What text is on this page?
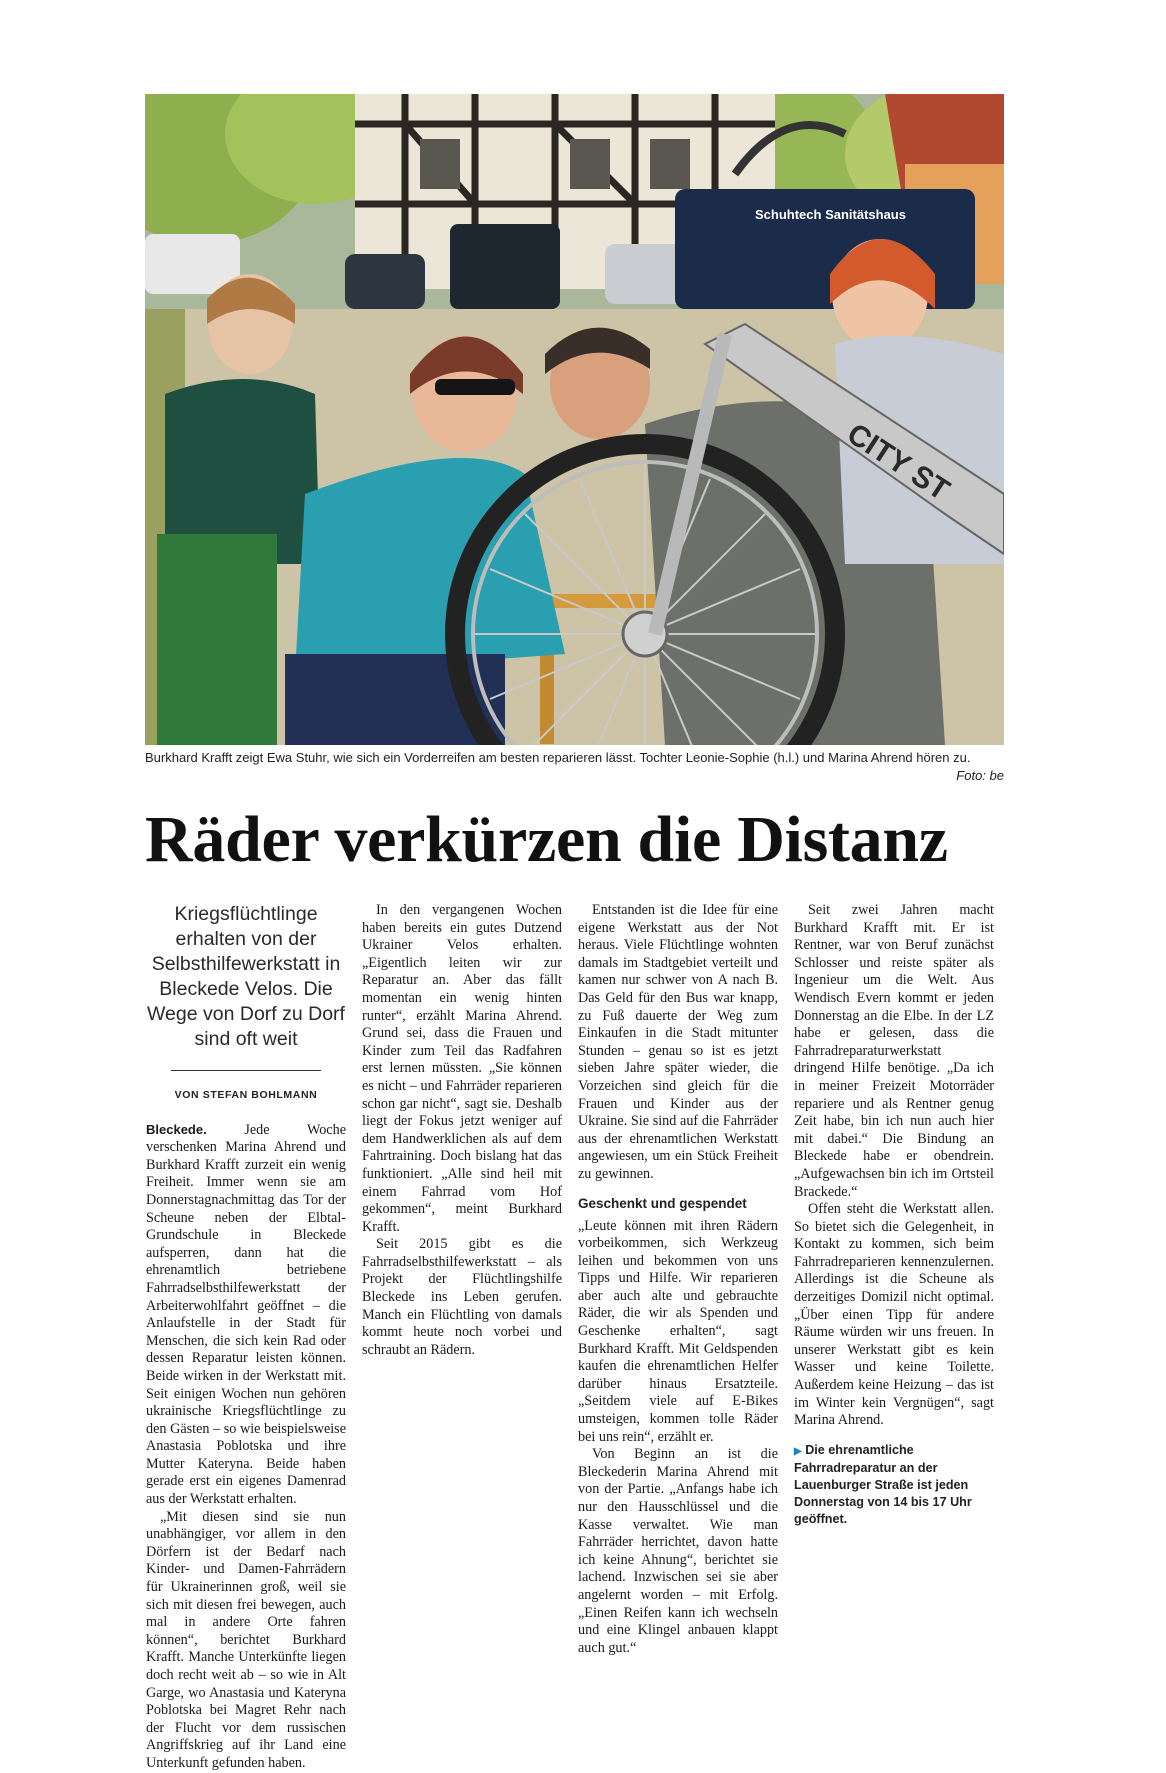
Schuhtech Sanitätshaus
CITY ST
Burkhard Krafft zeigt Ewa Stuhr, wie sich ein Vorderreifen am besten reparieren lässt. Tochter Leonie-Sophie (h.l.) und Marina Ahrend hören zu.
Foto: be
Räder verkürzen die Distanz
Kriegsflüchtlinge erhalten von der Selbsthilfewerkstatt in Bleckede Velos. Die Wege von Dorf zu Dorf sind oft weit
VON STEFAN BOHLMANN

Bleckede.	Jede Woche verschenken Marina Ahrend und Burkhard Krafft zurzeit ein wenig Freiheit. Immer wenn sie am Donnerstagnachmittag das Tor der Scheune neben der Elbtal-Grundschule in Bleckede aufsperren, dann hat die ehrenamtlich betriebene Fahrradselbsthilfewerkstatt der Arbeiterwohlfahrt geöffnet – die Anlaufstelle in der Stadt für Menschen, die sich kein Rad oder dessen Reparatur leisten können. Beide wirken in der Werkstatt mit. Seit einigen Wochen nun gehören ukrainische Kriegsflüchtlinge zu den Gästen – so wie beispielsweise Anastasia Poblotska und ihre Mutter Kateryna. Beide haben gerade erst ein eigenes Damenrad aus der Werkstatt erhalten.

„Mit diesen sind sie nun unabhängiger, vor allem in den Dörfern ist der Bedarf nach Kinder- und Damen-Fahrrädern für Ukrainerinnen groß, weil sie sich mit diesen frei bewegen, auch mal in andere Orte fahren können“, berichtet Burkhard Krafft. Manche Unterkünfte liegen doch recht weit ab – so wie in Alt Garge, wo Anastasia und Kateryna Poblotska bei Magret Rehr nach der Flucht vor dem russischen Angriffskrieg auf ihr Land eine Unterkunft gefunden haben.

In den vergangenen Wochen haben bereits ein gutes Dutzend Ukrainer Velos erhalten. „Eigentlich leiten wir zur Reparatur an. Aber das fällt momentan ein wenig hinten runter“, erzählt Marina Ahrend. Grund sei, dass die Frauen und Kinder zum Teil das Radfahren erst lernen müssten. „Sie können es nicht – und Fahrräder reparieren schon gar nicht“, sagt sie. Deshalb liegt der Fokus jetzt weniger auf dem Handwerklichen als auf dem Fahrtraining. Doch bislang hat das funktioniert. „Alle sind heil mit einem Fahrrad vom Hof gekommen“, meint Burkhard Krafft.

Seit 2015 gibt es die Fahrradselbsthilfewerkstatt – als Projekt der Flüchtlingshilfe Bleckede ins Leben gerufen. Manch ein Flüchtling von damals kommt heute noch vorbei und schraubt an Rädern.

Entstanden ist die Idee für eine eigene Werkstatt aus der Not heraus. Viele Flüchtlinge wohnten damals im Stadtgebiet verteilt und kamen nur schwer von A nach B. Das Geld für den Bus war knapp, zu Fuß dauerte der Weg zum Einkaufen in die Stadt mitunter Stunden – genau so ist es jetzt sieben Jahre später wieder, die Vorzeichen sind gleich für die Frauen und Kinder aus der Ukraine. Sie sind auf die Fahrräder aus der ehrenamtlichen Werkstatt angewiesen, um ein Stück Freiheit zu gewinnen.

Geschenkt und gespendet

„Leute können mit ihren Rädern vorbeikommen, sich Werkzeug leihen und bekommen von uns Tipps und Hilfe. Wir reparieren aber auch alte und gebrauchte Räder, die wir als Spenden und Geschenke erhalten“, sagt Burkhard Krafft. Mit Geldspenden kaufen die ehrenamtlichen Helfer darüber hinaus Ersatzteile. „Seitdem viele auf E-Bikes umsteigen, kommen tolle Räder bei uns rein“, erzählt er.

Von Beginn an ist die Bleckederin Marina Ahrend mit von der Partie. „Anfangs habe ich nur den Hausschlüssel und die Kasse verwaltet. Wie man Fahrräder herrichtet, davon hatte ich keine Ahnung“, berichtet sie lachend. Inzwischen sei sie aber angelernt worden – mit Erfolg. „Einen Reifen kann ich wechseln und eine Klingel anbauen klappt auch gut.“

Seit zwei Jahren macht Burkhard Krafft mit. Er ist Rentner, war von Beruf zunächst Schlosser und reiste später als Ingenieur um die Welt. Aus Wendisch Evern kommt er jeden Donnerstag an die Elbe. In der LZ habe er gelesen, dass die Fahrradreparaturwerkstatt dringend Hilfe benötige. „Da ich in meiner Freizeit Motorräder repariere und als Rentner genug Zeit habe, bin ich nun auch hier mit dabei.“ Die Bindung an Bleckede habe er obendrein. „Aufgewachsen bin ich im Ortsteil Brackede.“

Offen steht die Werkstatt allen. So bietet sich die Gelegenheit, in Kontakt zu kommen, sich beim Fahrradreparieren kennenzulernen. Allerdings ist die Scheune als derzeitiges Domizil nicht optimal. „Über einen Tipp für andere Räume würden wir uns freuen. In unserer Werkstatt gibt es kein Wasser und keine Toilette. Außerdem keine Heizung – das ist im Winter kein Vergnügen“, sagt Marina Ahrend.

▶ Die ehrenamtliche Fahrradreparatur an der Lauenburger Straße ist jeden Donnerstag von 14 bis 17 Uhr geöffnet.
